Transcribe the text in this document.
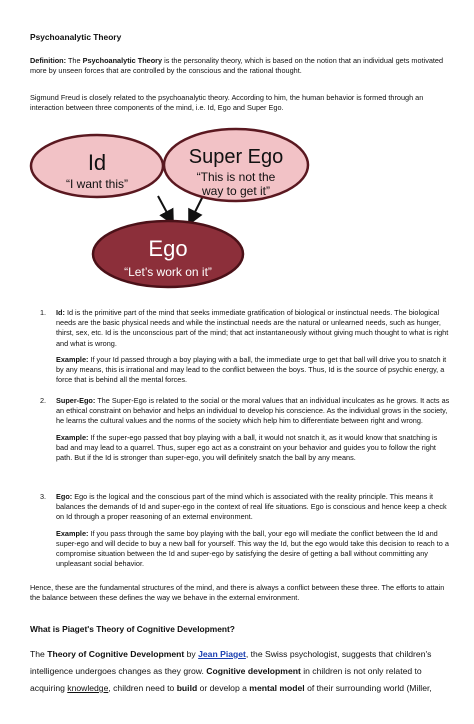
Psychoanalytic Theory

Definition: The Psychoanalytic Theory is the personality theory, which is based on the notion that an individual gets motivated more by unseen forces that are controlled by the conscious and the rational thought.

Sigmund Freud is closely related to the psychoanalytic theory. According to him, the human behavior is formed through an interaction between three components of the mind, i.e. Id, Ego and Super Ego.

Id
“I want this”
Super Ego
“This is not the
way to get it”
Ego
“Let’s work on it”
1. Id: Id is the primitive part of the mind that seeks immediate gratification of biological or instinctual needs. The biological needs are the basic physical needs and while the instinctual needs are the natural or unlearned needs, such as hunger, thirst, sex, etc. Id is the unconscious part of the mind; that act instantaneously without giving much thought to what is right and what is wrong.
Example: If your Id passed through a boy playing with a ball, the immediate urge to get that ball will drive you to snatch it by any means, this is irrational and may lead to the conflict between the boys. Thus, Id is the source of psychic energy, a force that is behind all the mental forces.
2. Super-Ego: The Super-Ego is related to the social or the moral values that an individual inculcates as he grows. It acts as an ethical constraint on behavior and helps an individual to develop his conscience. As the individual grows in the society, he learns the cultural values and the norms of the society which help him to differentiate between right and wrong.
Example: If the super-ego passed that boy playing with a ball, it would not snatch it, as it would know that snatching is bad and may lead to a quarrel. Thus, super ego act as a constraint on your behavior and guides you to follow the right path. But if the Id is stronger than super-ego, you will definitely snatch the ball by any means.
3. Ego: Ego is the logical and the conscious part of the mind which is associated with the reality principle. This means it balances the demands of Id and super-ego in the context of real life situations. Ego is conscious and hence keep a check on Id through a proper reasoning of an external environment.
Example: If you pass through the same boy playing with the ball, your ego will mediate the conflict between the Id and super-ego and will decide to buy a new ball for yourself. This way the Id, but the ego would take this decision to reach to a compromise situation between the Id and super-ego by satisfying the desire of getting a ball without committing any unpleasant social behavior.

Hence, these are the fundamental structures of the mind, and there is always a conflict between these three. The efforts to attain the balance between these defines the way we behave in the external environment.

What is Piaget's Theory of Cognitive Development?

The Theory of Cognitive Development by Jean Piaget, the Swiss psychologist, suggests that children's intelligence undergoes changes as they grow. Cognitive development in children is not only related to acquiring knowledge, children need to build or develop a mental model of their surrounding world (Miller,
